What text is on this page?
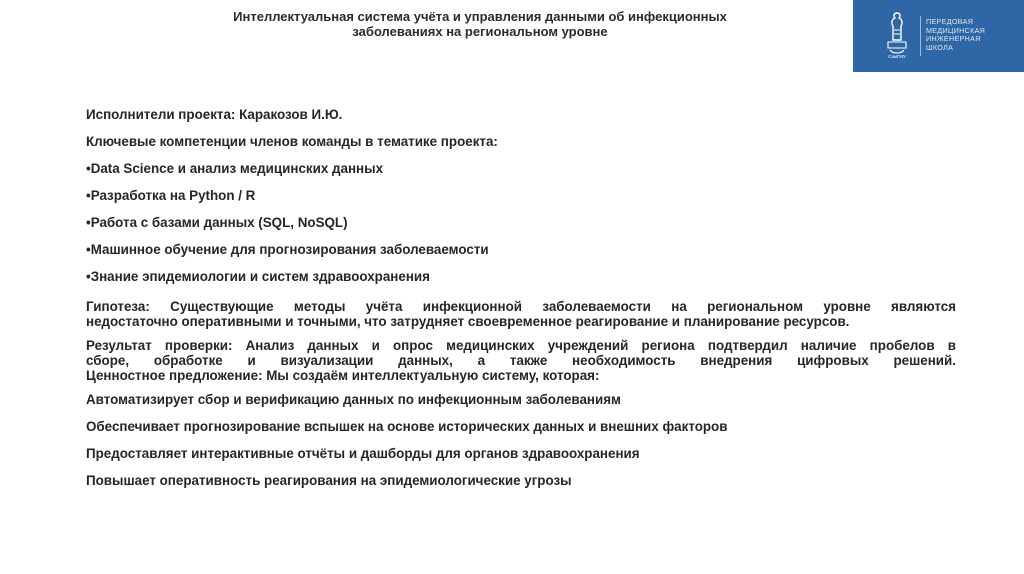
Интеллектуальная система учёта и управления данными об инфекционных
заболеваниях на региональном уровне
СамГМУ
ПЕРЕДОВАЯ
МЕДИЦИНСКАЯ
ИНЖЕНЕРНАЯ
ШКОЛА

Исполнители проекта: Каракозов И.Ю.

Ключевые компетенции членов команды в тематике проекта:

•Data Science и анализ медицинских данных

•Разработка на Python / R

•Работа с базами данных (SQL, NoSQL)

•Машинное обучение для прогнозирования заболеваемости

•Знание эпидемиологии и систем здравоохранения

Гипотеза: Существующие методы учёта инфекционной заболеваемости на региональном уровне являются
недостаточно оперативными и точными, что затрудняет своевременное реагирование и планирование ресурсов.

Результат проверки: Анализ данных и опрос медицинских учреждений региона подтвердил наличие пробелов в
сборе, обработке и визуализации данных, а также необходимость внедрения цифровых решений.
Ценностное предложение: Мы создаём интеллектуальную систему, которая:

Автоматизирует сбор и верификацию данных по инфекционным заболеваниям

Обеспечивает прогнозирование вспышек на основе исторических данных и внешних факторов

Предоставляет интерактивные отчёты и дашборды для органов здравоохранения

Повышает оперативность реагирования на эпидемиологические угрозы
